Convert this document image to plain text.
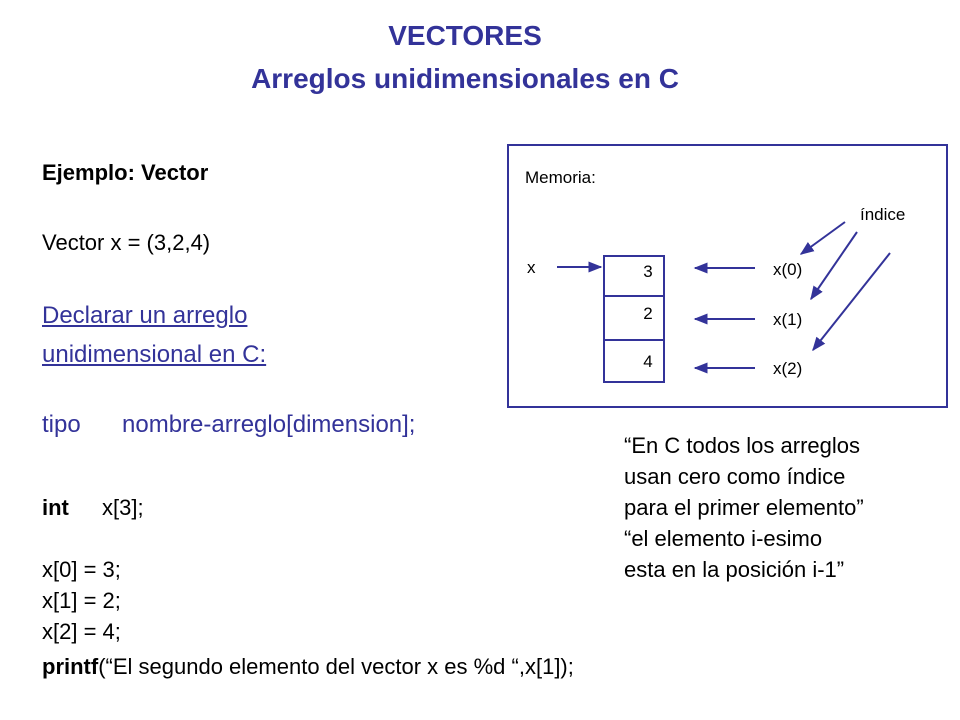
VECTORES
Arreglos unidimensionales en C
Ejemplo: Vector
Vector x = (3,2,4)
Declarar un arreglo
unidimensional en C:
tipo nombre-arreglo[dimension];
int x[3];
x[0] = 3;
x[1] = 2;
x[2] = 4;
printf(“El segundo elemento del vector x es %d “,x[1]);
Memoria:
índice
x	3
2
4
x(0)
x(1)
x(2)
“En C todos los arreglos
usan cero como índice
para el primer elemento”
“el elemento i-esimo
esta en la posición i-1”
